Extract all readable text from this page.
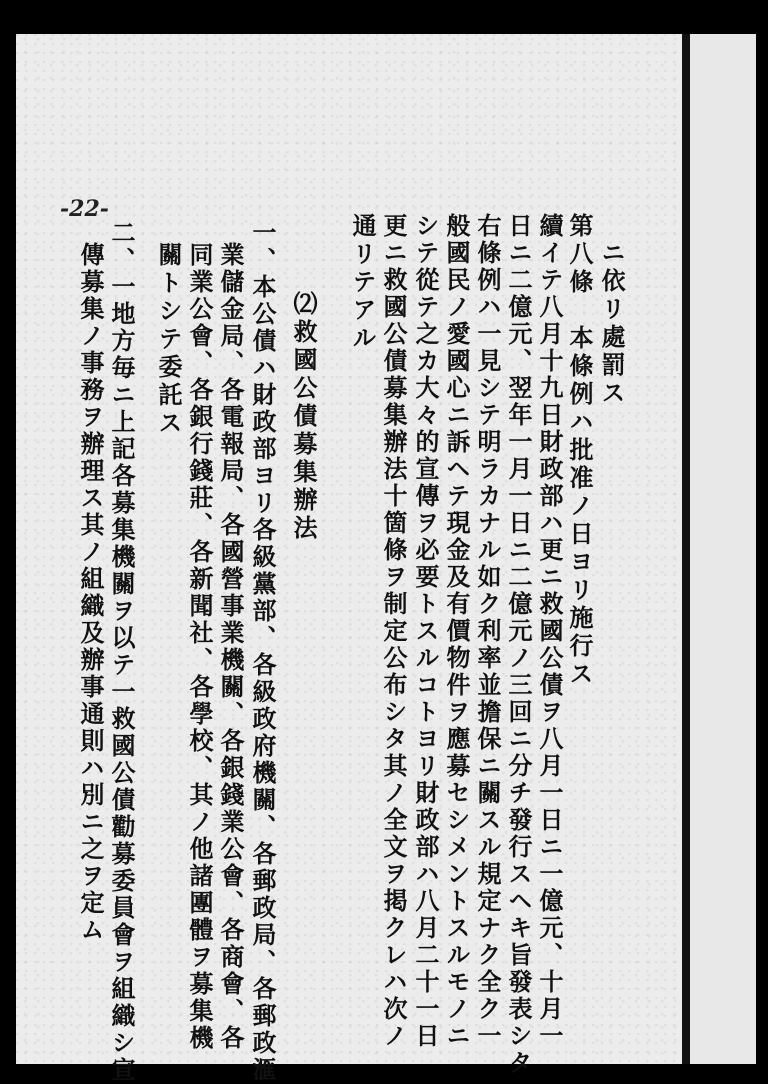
-22-
ニ依リ處罰ス
第八條　本條例ハ批准ノ日ヨリ施行ス
續イテ八月十九日財政部ハ更ニ救國公債ヲ八月一日ニ一億元、十月一
日ニ二億元、翌年一月一日ニ二億元ノ三回ニ分チ發行スヘキ旨發表シタ
右條例ハ一見シテ明ラカナル如ク利率並擔保ニ關スル規定ナク全ク一
般國民ノ愛國心ニ訴ヘテ現金及有價物件ヲ應募セシメントスルモノニ
シテ從テ之カ大々的宣傳ヲ必要トスルコトヨリ財政部ハ八月二十一日
更ニ救國公債募集辦法十箇條ヲ制定公布シタ其ノ全文ヲ掲クレハ次ノ
通リテアル
⑵救國公債募集辦法
一、本公債ハ財政部ヨリ各級黨部、各級政府機關、各郵政局、各郵政滙
業儲金局、各電報局、各國營事業機關、各銀錢業公會、各商會、各
同業公會、各銀行錢莊、各新聞社、各學校、其ノ他諸團體ヲ募集機
關トシテ委託ス
二、一地方毎ニ上記各募集機關ヲ以テ一救國公債勸募委員會ヲ組織シ宣
傳募集ノ事務ヲ辦理ス其ノ組織及辦事通則ハ別ニ之ヲ定ム
